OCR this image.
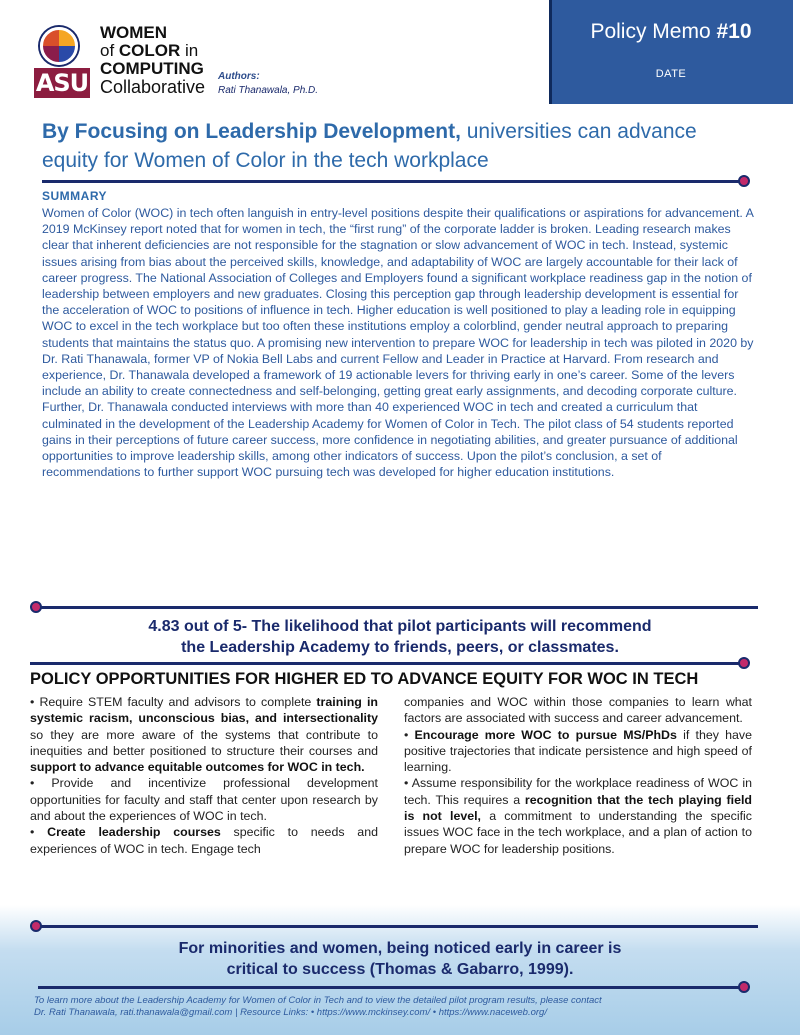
ASU
WOMEN
of COLOR in
COMPUTING
Collaborative
Authors:
Rati Thanawala, Ph.D.
Policy Memo #10
DATE
By Focusing on Leadership Development, universities can advance equity for Women of Color in the tech workplace
SUMMARY
Women of Color (WOC) in tech often languish in entry-level positions despite their qualifications or aspirations for advancement. A 2019 McKinsey report noted that for women in tech, the “first rung” of the corporate ladder is broken. Leading research makes clear that inherent deficiencies are not responsible for the stagnation or slow advancement of WOC in tech. Instead, systemic issues arising from bias about the perceived skills, knowledge, and adaptability of WOC are largely accountable for their lack of career progress. The National Association of Colleges and Employers found a significant workplace readiness gap in the notion of leadership between employers and new graduates. Closing this perception gap through leadership development is essential for the acceleration of WOC to positions of influence in tech. Higher education is well positioned to play a leading role in equipping WOC to excel in the tech workplace but too often these institutions employ a colorblind, gender neutral approach to preparing students that maintains the status quo. A promising new intervention to prepare WOC for leadership in tech was piloted in 2020 by Dr. Rati Thanawala, former VP of Nokia Bell Labs and current Fellow and Leader in Practice at Harvard. From research and experience, Dr. Thanawala developed a framework of 19 actionable levers for thriving early in one’s career. Some of the levers include an ability to create connectedness and self-belonging, getting great early assignments, and decoding corporate culture. Further, Dr. Thanawala conducted interviews with more than 40 experienced WOC in tech and created a curriculum that culminated in the development of the Leadership Academy for Women of Color in Tech. The pilot class of 54 students reported gains in their perceptions of future career success, more confidence in negotiating abilities, and greater pursuance of additional opportunities to improve leadership skills, among other indicators of success. Upon the pilot’s conclusion, a set of recommendations to further support WOC pursuing tech was developed for higher education institutions.
4.83 out of 5- The likelihood that pilot participants will recommend
the Leadership Academy to friends, peers, or classmates.
POLICY OPPORTUNITIES FOR HIGHER ED TO ADVANCE EQUITY FOR WOC IN TECH

• Require STEM faculty and advisors to complete training in systemic racism, unconscious bias, and intersectionality so they are more aware of the systems that contribute to inequities and better positioned to structure their courses and support to advance equitable outcomes for WOC in tech.

• Provide and incentivize professional development opportunities for faculty and staff that center upon research by and about the experiences of WOC in tech.

• Create leadership courses specific to needs and experiences of WOC in tech. Engage tech

companies and WOC within those companies to learn what factors are associated with success and career advancement.

• Encourage more WOC to pursue MS/PhDs if they have positive trajectories that indicate persistence and high speed of learning.

• Assume responsibility for the workplace readiness of WOC in tech. This requires a recognition that the tech playing field is not level, a commitment to understanding the specific issues WOC face in the tech workplace, and a plan of action to prepare WOC for leadership positions.

For minorities and women, being noticed early in career is
critical to success (Thomas & Gabarro, 1999).
To learn more about the Leadership Academy for Women of Color in Tech and to view the detailed pilot program results, please contact
Dr. Rati Thanawala, rati.thanawala@gmail.com | Resource Links: • https://www.mckinsey.com/ • https://www.naceweb.org/
